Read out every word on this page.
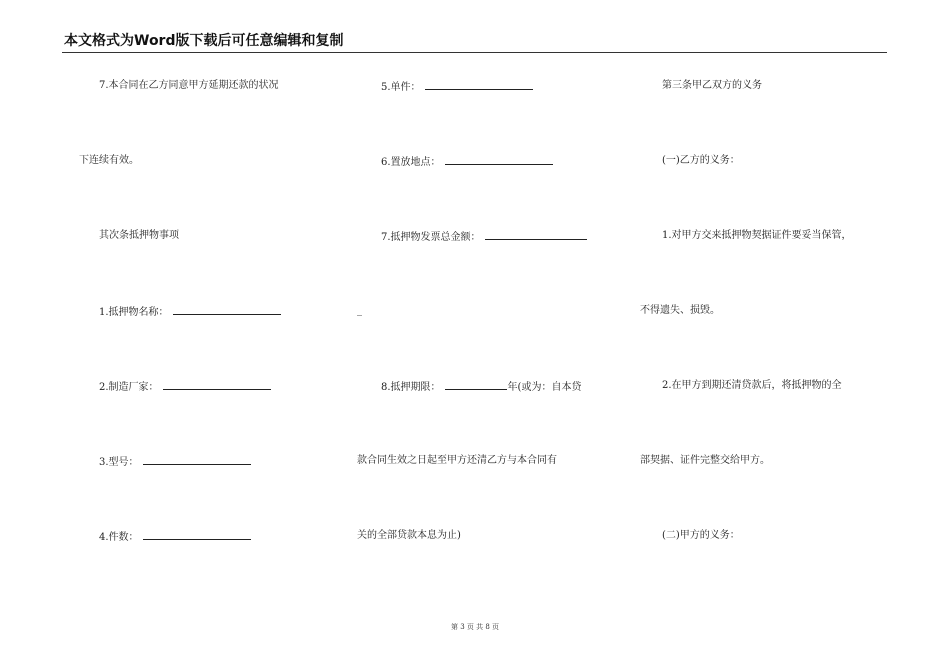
本文格式为Word版下载后可任意编辑和复制
7.本合同在乙方同意甲方延期还款的状况
下连续有效。
其次条抵押物事项
1.抵押物名称：
2.制造厂家：
3.型号：
4.件数：
5.单件：
6.置放地点：
7.抵押物发票总金额：
_
8.抵押期限：	年(或为：自本贷
款合同生效之日起至甲方还清乙方与本合同有
关的全部贷款本息为止)
第三条甲乙双方的义务
(一)乙方的义务：
1.对甲方交来抵押物契据证件要妥当保管，
不得遗失、损毁。
2.在甲方到期还清贷款后，将抵押物的全
部契据、证件完整交给甲方。
(二)甲方的义务：
第 3 页 共 8 页
